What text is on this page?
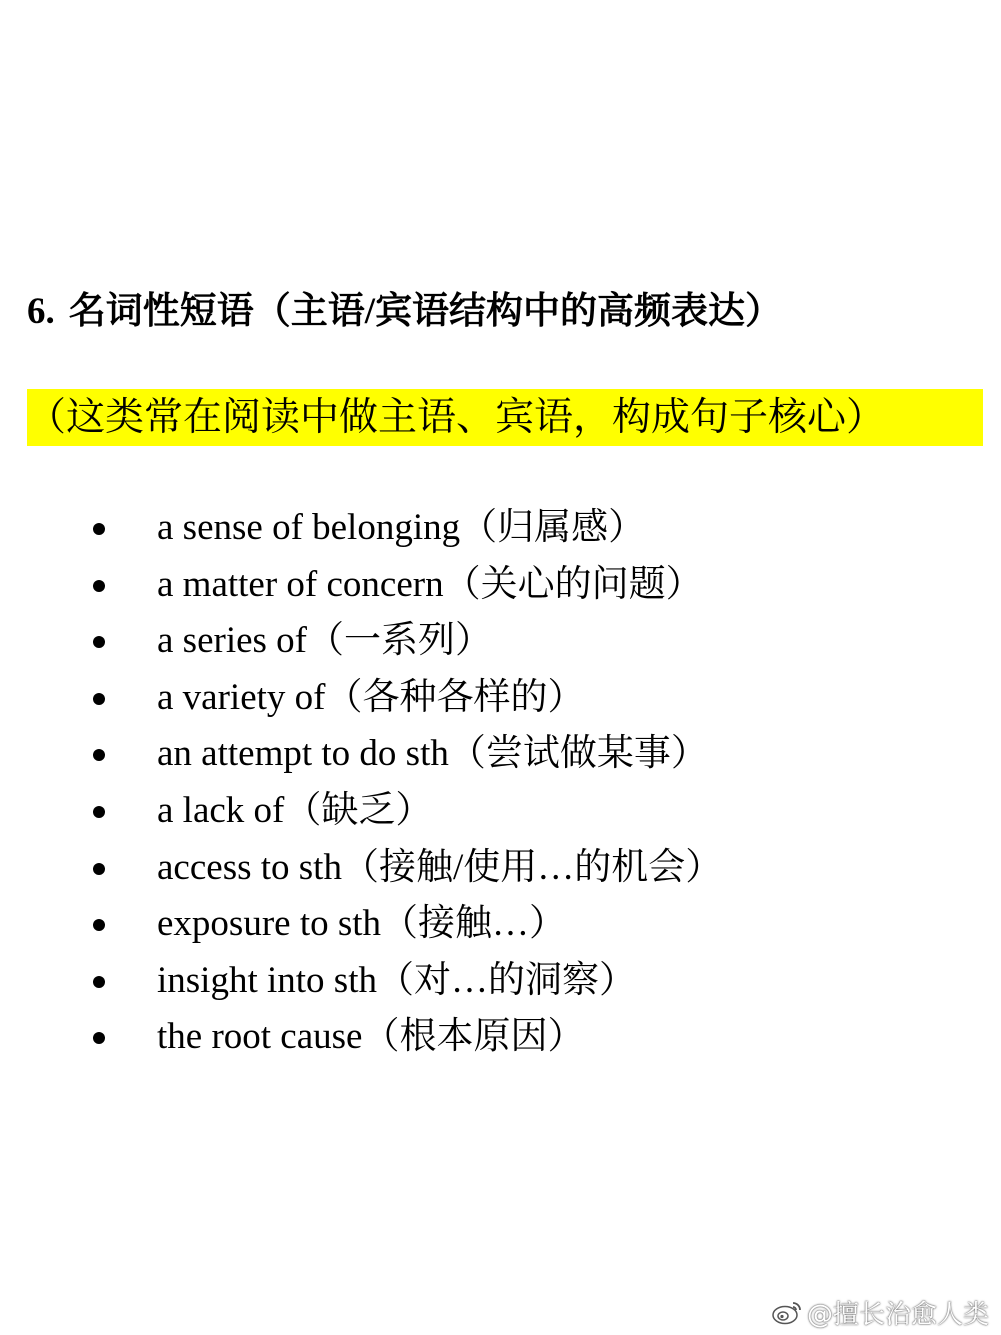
6. 名词性短语（主语/宾语结构中的高频表达）
（这类常在阅读中做主语、宾语，构成句子核心）
a sense of belonging（归属感）
a matter of concern（关心的问题）
a series of（一系列）
a variety of（各种各样的）
an attempt to do sth（尝试做某事）
a lack of（缺乏）
access to sth（接触/使用…的机会）
exposure to sth（接触…）
insight into sth（对…的洞察）
the root cause（根本原因）
@擅长治愈人类
